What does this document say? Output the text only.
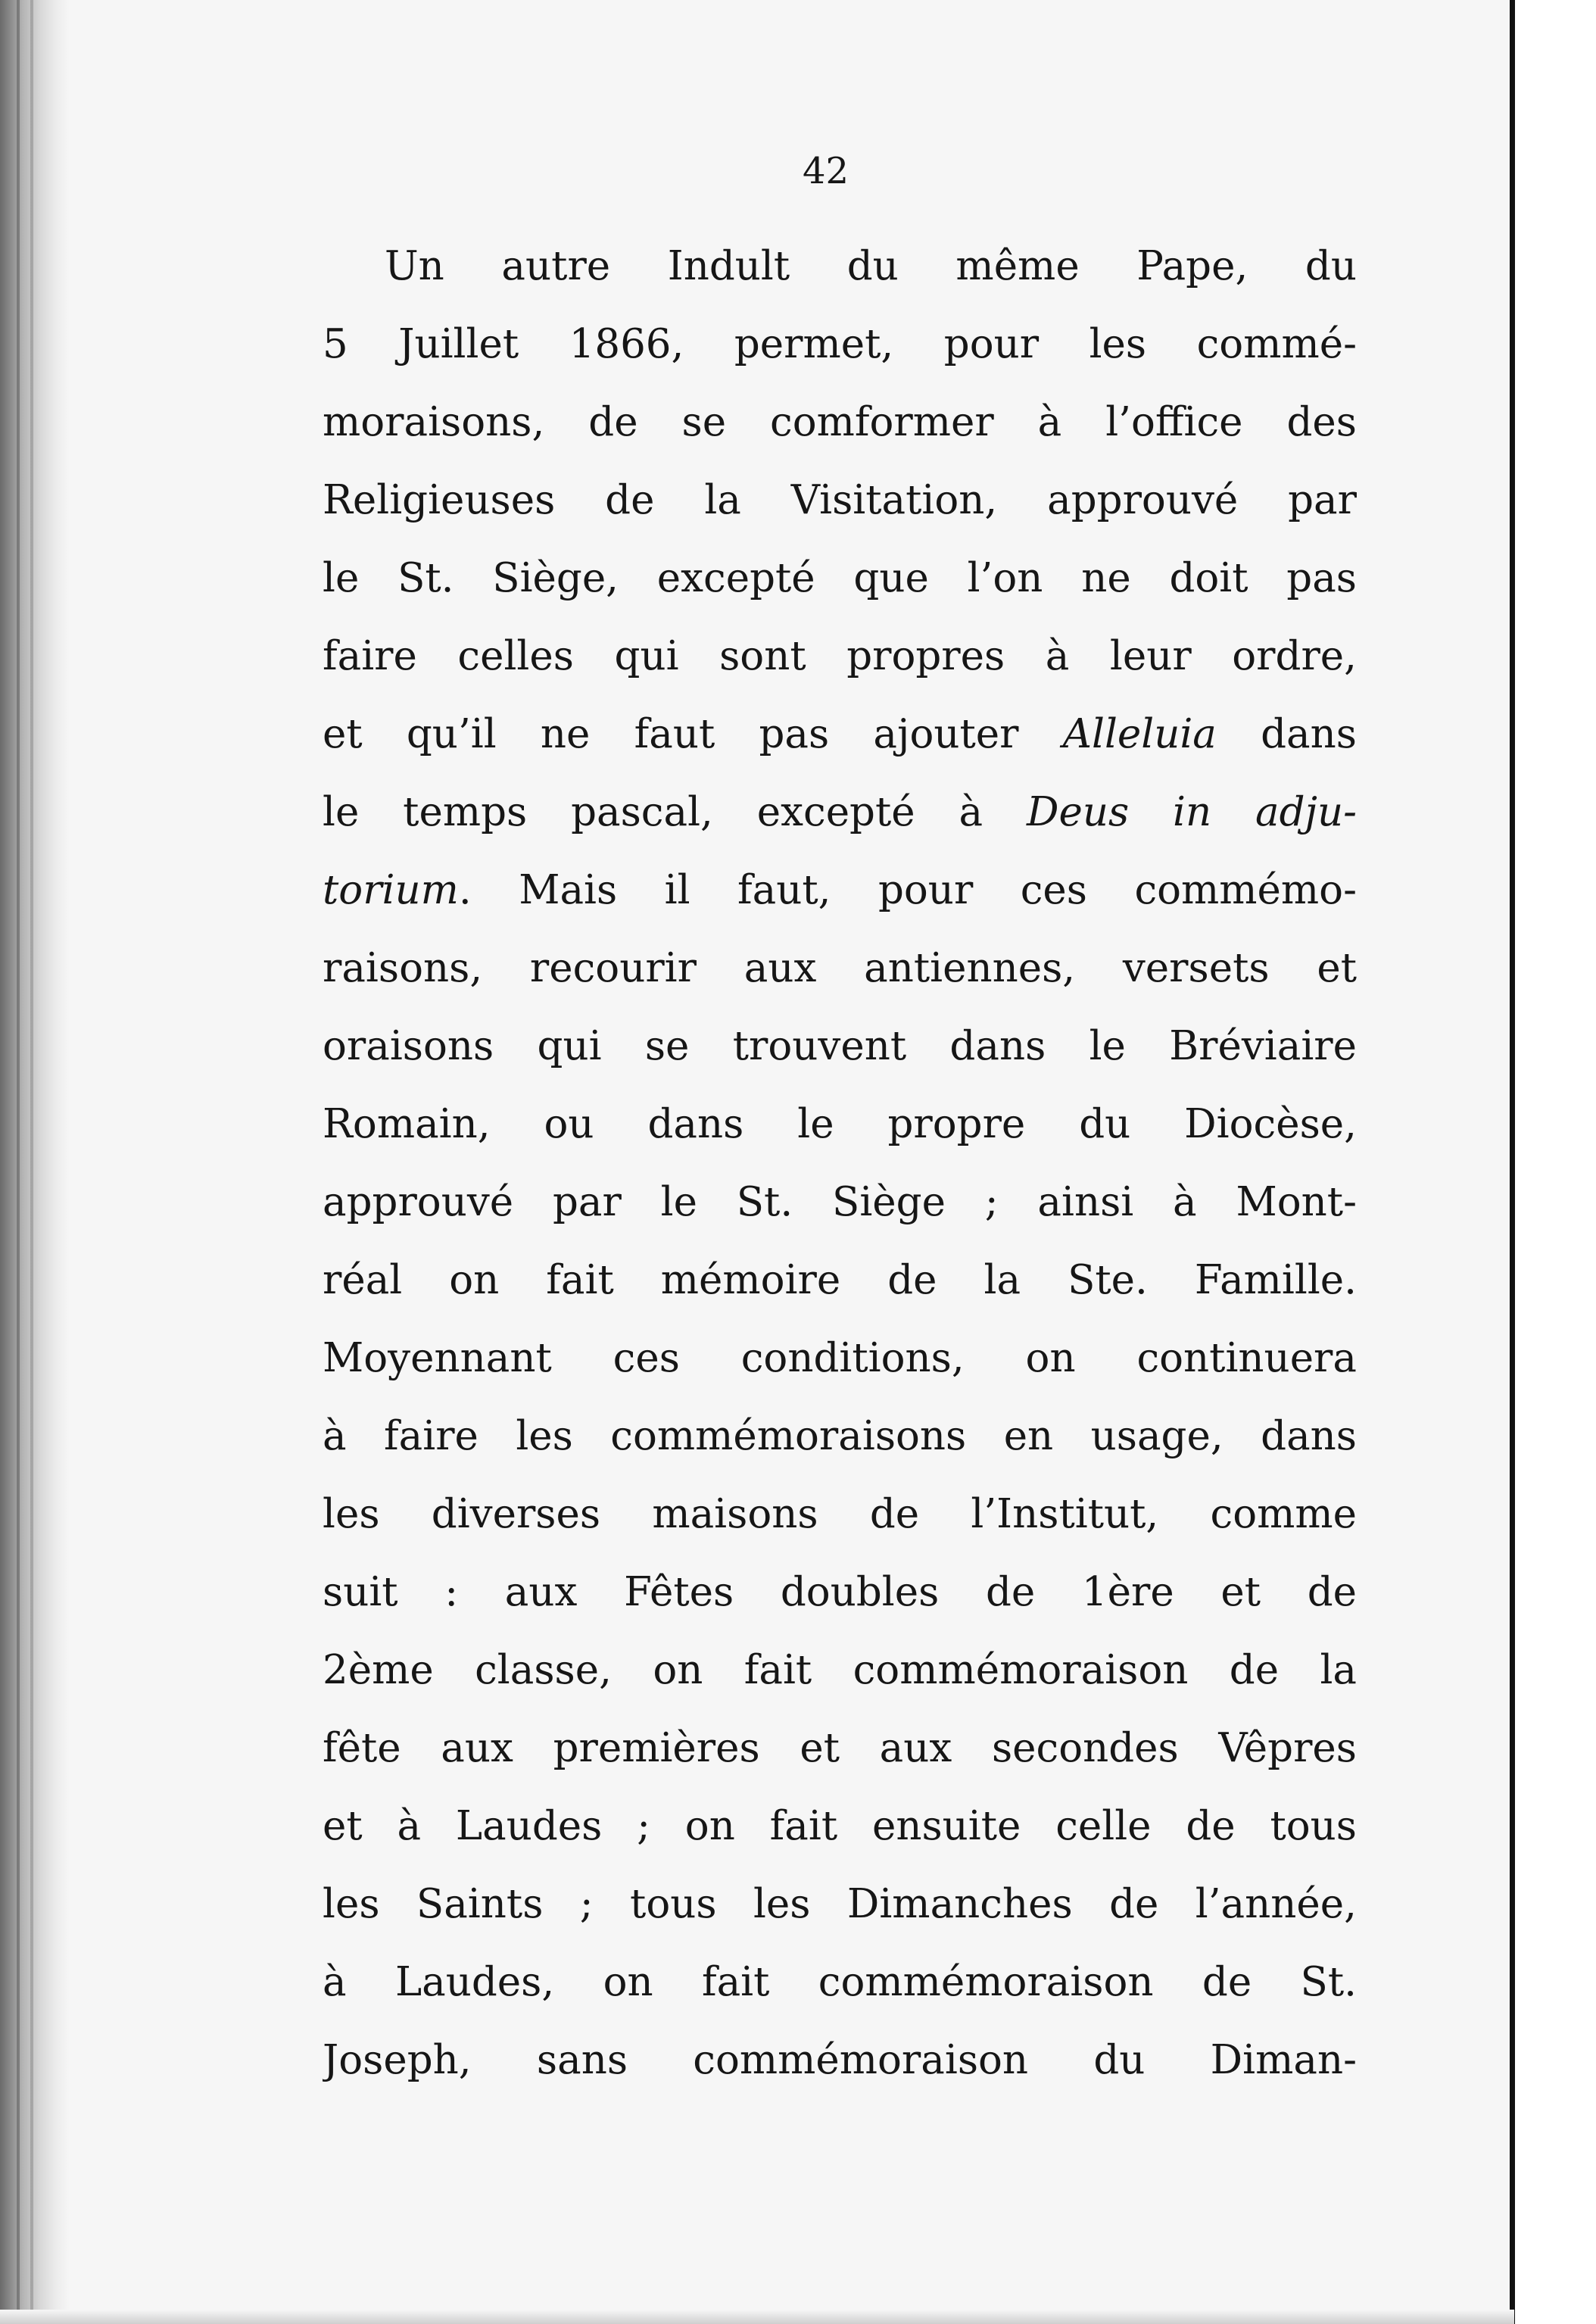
42

Un autre Indult du même Pape, du
5 Juillet 1866, permet, pour les commé-
moraisons, de se comformer à l’office des
Religieuses de la Visitation, approuvé par
le St. Siège, excepté que l’on ne doit pas
faire celles qui sont propres à leur ordre,
et qu’il ne faut pas ajouter Alleluia dans
le temps pascal, excepté à Deus in adju-
torium. Mais il faut, pour ces commémo-
raisons, recourir aux antiennes, versets et
oraisons qui se trouvent dans le Bréviaire
Romain, ou dans le propre du Diocèse,
approuvé par le St. Siège ; ainsi à Mont-
réal on fait mémoire de la Ste. Famille.
Moyennant ces conditions, on continuera
à faire les commémoraisons en usage, dans
les diverses maisons de l’Institut, comme
suit : aux Fêtes doubles de 1ère et de
2ème classe, on fait commémoraison de la
fête aux premières et aux secondes Vêpres
et à Laudes ; on fait ensuite celle de tous
les Saints ; tous les Dimanches de l’année,
à Laudes, on fait commémoraison de St.
Joseph, sans commémoraison du Diman-
